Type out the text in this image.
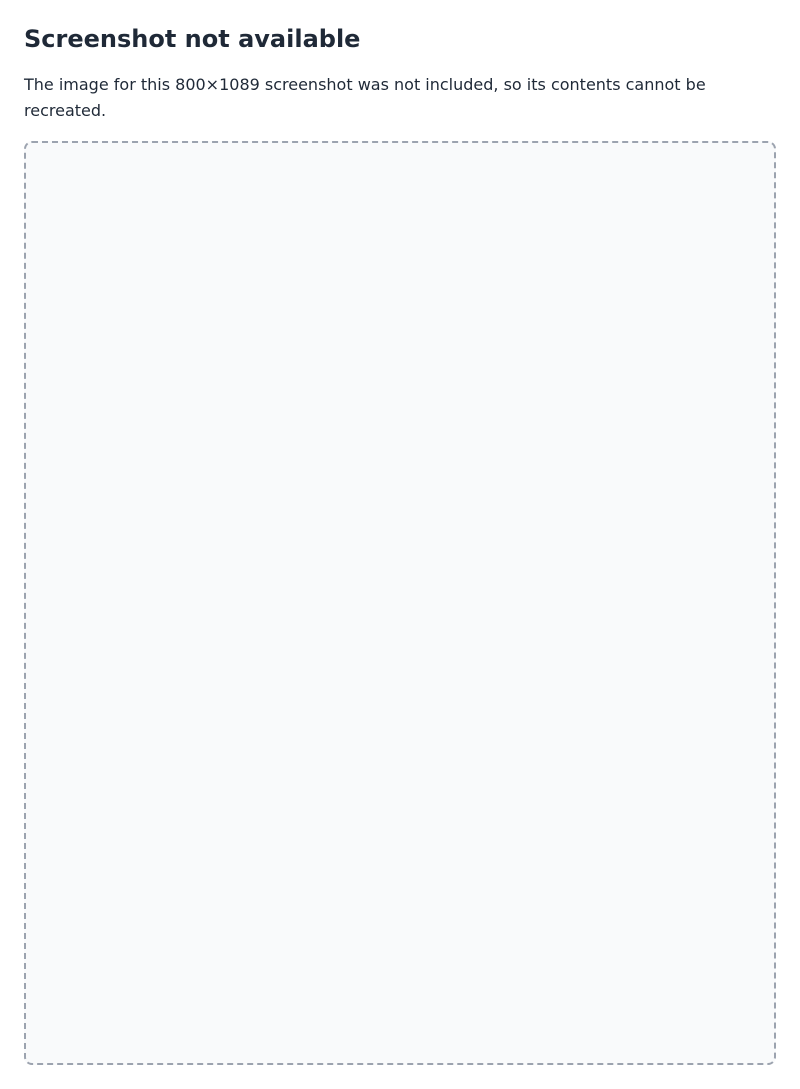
Screenshot not available

The image for this 800×1089 screenshot was not included, so its contents cannot be recreated.
